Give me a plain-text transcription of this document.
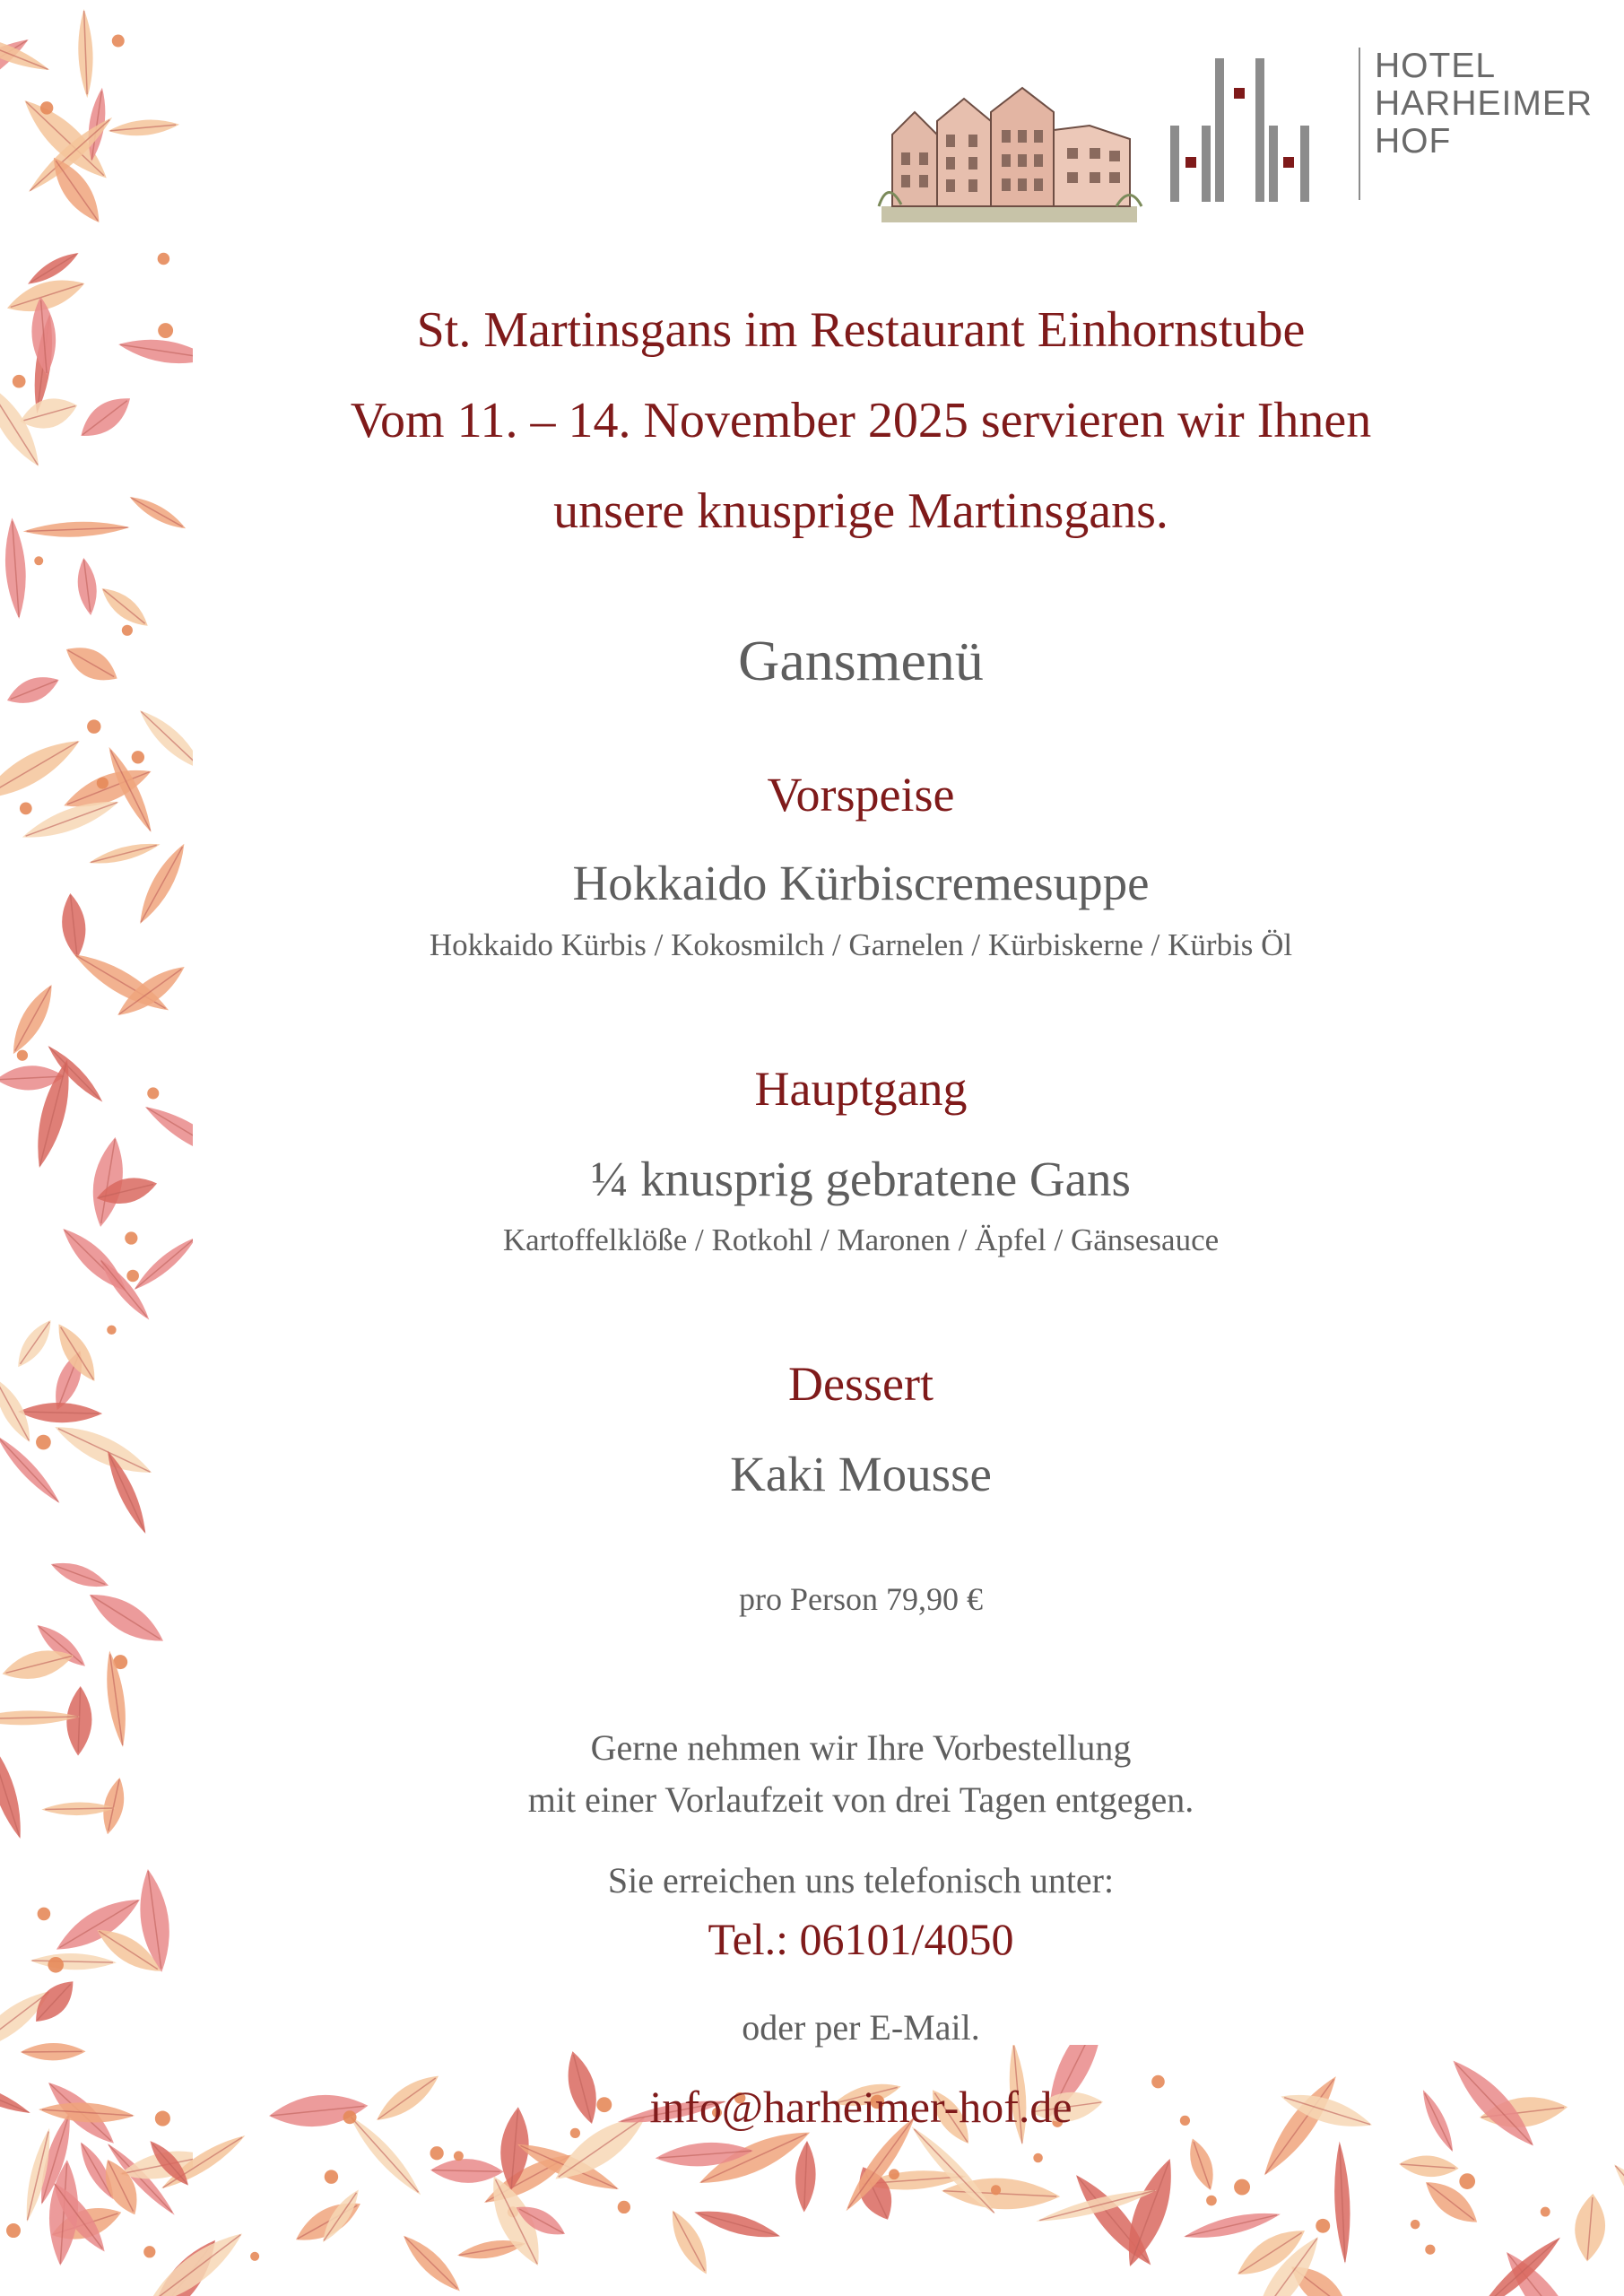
HOTEL
HARHEIMER
HOF
St. Martinsgans im Restaurant Einhornstube
Vom 11. – 14. November 2025 servieren wir Ihnen
unsere knusprige Martinsgans.
Gansmenü
Vorspeise
Hokkaido Kürbiscremesuppe
Hokkaido Kürbis / Kokosmilch / Garnelen / Kürbiskerne / Kürbis Öl
Hauptgang
¼ knusprig gebratene Gans
Kartoffelklöße / Rotkohl / Maronen / Äpfel / Gänsesauce
Dessert
Kaki Mousse
pro Person 79,90 €
Gerne nehmen wir Ihre Vorbestellung
mit einer Vorlaufzeit von drei Tagen entgegen.
Sie erreichen uns telefonisch unter:
Tel.: 06101/4050
oder per E-Mail.
info@harheimer-hof.de
